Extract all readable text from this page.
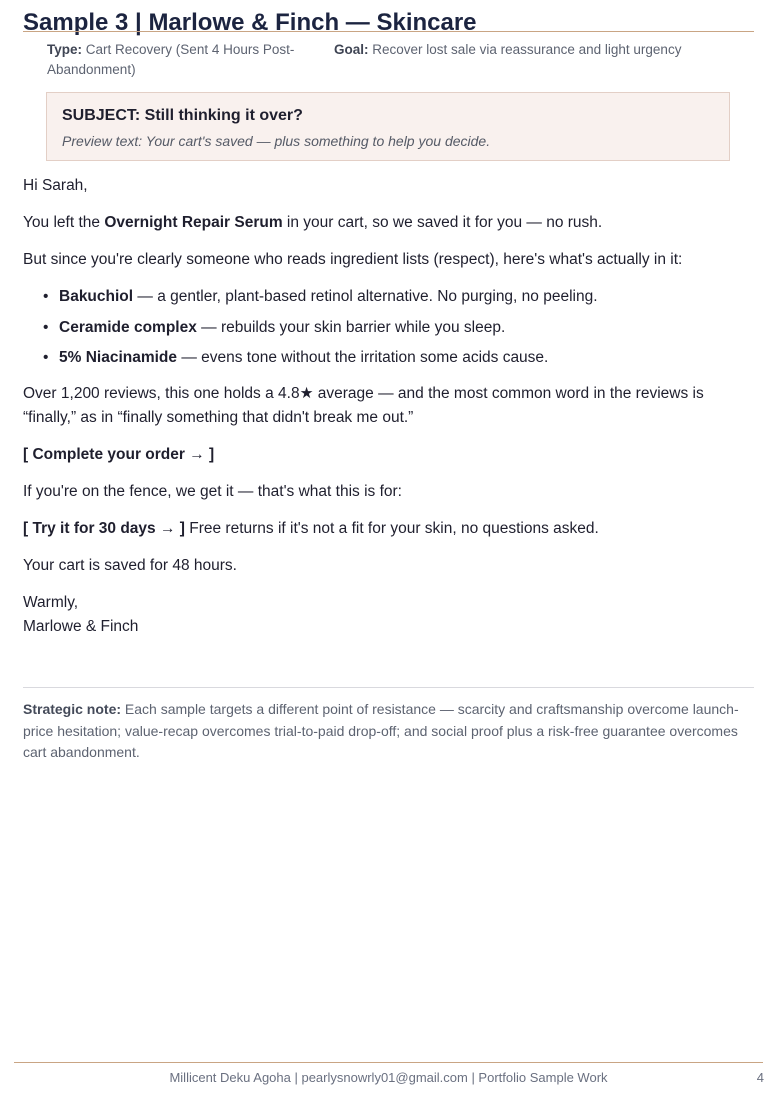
Sample 3 | Marlowe & Finch — Skincare
Type: Cart Recovery (Sent 4 Hours Post-Abandonment)
Goal: Recover lost sale via reassurance and light urgency
SUBJECT: Still thinking it over?
Preview text: Your cart's saved — plus something to help you decide.

Hi Sarah,

You left the Overnight Repair Serum in your cart, so we saved it for you — no rush.

But since you're clearly someone who reads ingredient lists (respect), here's what's actually in it:

• Bakuchiol — a gentler, plant-based retinol alternative. No purging, no peeling.
• Ceramide complex — rebuilds your skin barrier while you sleep.
• 5% Niacinamide — evens tone without the irritation some acids cause.

Over 1,200 reviews, this one holds a 4.8★ average — and the most common word in the reviews is “finally,” as in “finally something that didn't break me out.”

[ Complete your order → ]

If you're on the fence, we get it — that's what this is for:

[ Try it for 30 days → ] Free returns if it's not a fit for your skin, no questions asked.

Your cart is saved for 48 hours.

Warmly,
Marlowe & Finch
Strategic note: Each sample targets a different point of resistance — scarcity and craftsmanship overcome launch-price hesitation; value-recap overcomes trial-to-paid drop-off; and social proof plus a risk-free guarantee overcomes cart abandonment.
Millicent Deku Agoha | pearlysnowrly01@gmail.com | Portfolio Sample Work	4
